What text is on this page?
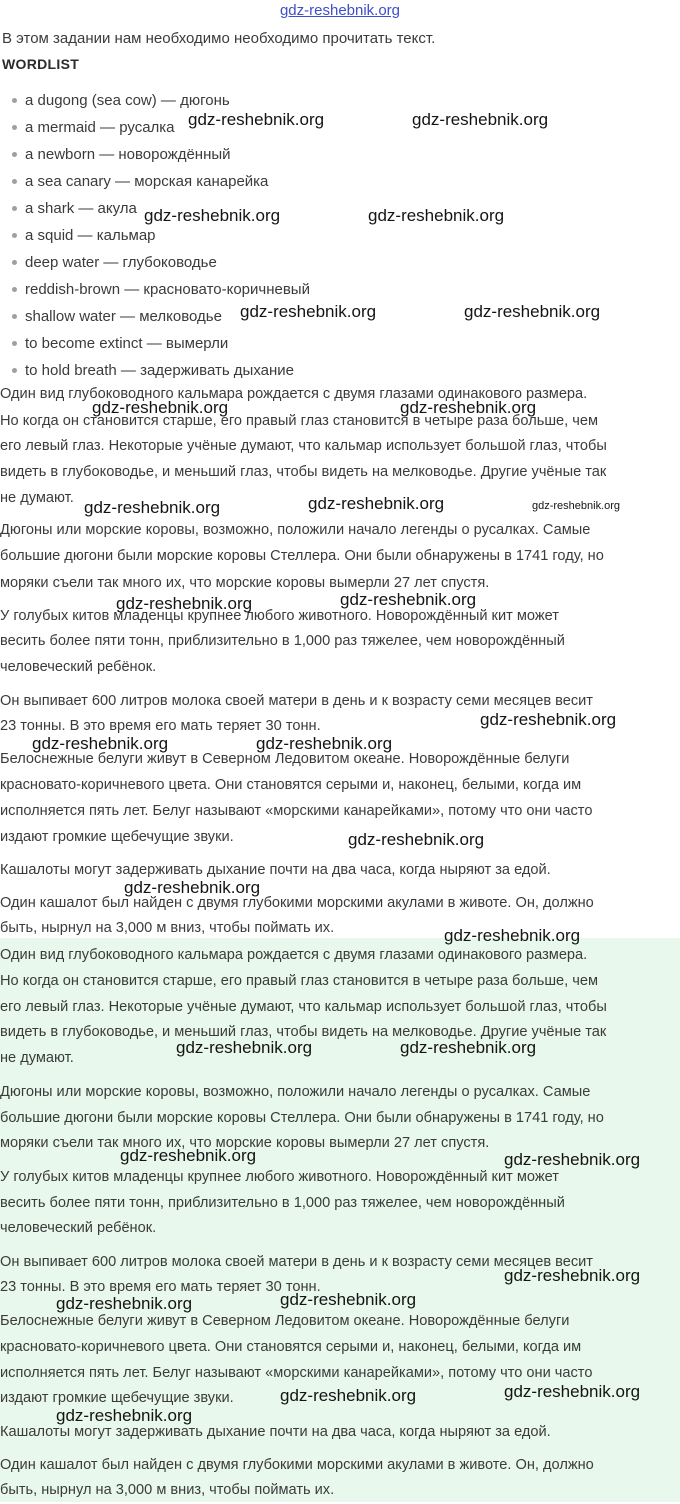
gdz-reshebnik.org
В этом задании нам необходимо необходимо прочитать текст.
WORDLIST
a dugong (sea cow) — дюгонь
a mermaid — русалка
a newborn — новорождённый
a sea canary — морская канарейка
a shark — акула
a squid — кальмар
deep water — глубоководье
reddish-brown — красновато-коричневый
shallow water — мелководье
to become extinct — вымерли
to hold breath — задерживать дыхание
Один вид глубоководного кальмара рождается с двумя глазами одинакового размера.
Но когда он становится старше, его правый глаз становится в четыре раза больше, чем
его левый глаз. Некоторые учёные думают, что кальмар использует большой глаз, чтобы
видеть в глубоководье, и меньший глаз, чтобы видеть на мелководье. Другие учёные так
не думают.
Дюгоны или морские коровы, возможно, положили начало легенды о русалках. Самые
большие дюгони были морские коровы Стеллера. Они были обнаружены в 1741 году, но
моряки съели так много их, что морские коровы вымерли 27 лет спустя.
У голубых китов младенцы крупнее любого животного. Новорождённый кит может
весить более пяти тонн, приблизительно в 1,000 раз тяжелее, чем новорождённый
человеческий ребёнок.
Он выпивает 600 литров молока своей матери в день и к возрасту семи месяцев весит
23 тонны. В это время его мать теряет 30 тонн.
Белоснежные белуги живут в Северном Ледовитом океане. Новорождённые белуги
красновато-коричневого цвета. Они становятся серыми и, наконец, белыми, когда им
исполняется пять лет. Белуг называют «морскими канарейками», потому что они часто
издают громкие щебечущие звуки.
Кашалоты могут задерживать дыхание почти на два часа, когда ныряют за едой.
Один кашалот был найден с двумя глубокими морскими акулами в животе. Он, должно
быть, нырнул на 3,000 м вниз, чтобы поймать их.
Один вид глубоководного кальмара рождается с двумя глазами одинакового размера.
Но когда он становится старше, его правый глаз становится в четыре раза больше, чем
его левый глаз. Некоторые учёные думают, что кальмар использует большой глаз, чтобы
видеть в глубоководье, и меньший глаз, чтобы видеть на мелководье. Другие учёные так
не думают.
Дюгоны или морские коровы, возможно, положили начало легенды о русалках. Самые
большие дюгони были морские коровы Стеллера. Они были обнаружены в 1741 году, но
моряки съели так много их, что морские коровы вымерли 27 лет спустя.
У голубых китов младенцы крупнее любого животного. Новорождённый кит может
весить более пяти тонн, приблизительно в 1,000 раз тяжелее, чем новорождённый
человеческий ребёнок.
Он выпивает 600 литров молока своей матери в день и к возрасту семи месяцев весит
23 тонны. В это время его мать теряет 30 тонн.
Белоснежные белуги живут в Северном Ледовитом океане. Новорождённые белуги
красновато-коричневого цвета. Они становятся серыми и, наконец, белыми, когда им
исполняется пять лет. Белуг называют «морскими канарейками», потому что они часто
издают громкие щебечущие звуки.
Кашалоты могут задерживать дыхание почти на два часа, когда ныряют за едой.
Один кашалот был найден с двумя глубокими морскими акулами в животе. Он, должно
быть, нырнул на 3,000 м вниз, чтобы поймать их.
gdz-reshebnik.org	gdz-reshebnik.org
gdz-reshebnik.org	gdz-reshebnik.org
gdz-reshebnik.org	gdz-reshebnik.org
gdz-reshebnik.org	gdz-reshebnik.org
gdz-reshebnik.org	gdz-reshebnik.org	gdz-reshebnik.org
gdz-reshebnik.org	gdz-reshebnik.org
gdz-reshebnik.org
gdz-reshebnik.org	gdz-reshebnik.org
gdz-reshebnik.org
gdz-reshebnik.org
gdz-reshebnik.org
gdz-reshebnik.org	gdz-reshebnik.org
gdz-reshebnik.org	gdz-reshebnik.org
gdz-reshebnik.org
gdz-reshebnik.org	gdz-reshebnik.org
gdz-reshebnik.org	gdz-reshebnik.org
gdz-reshebnik.org
